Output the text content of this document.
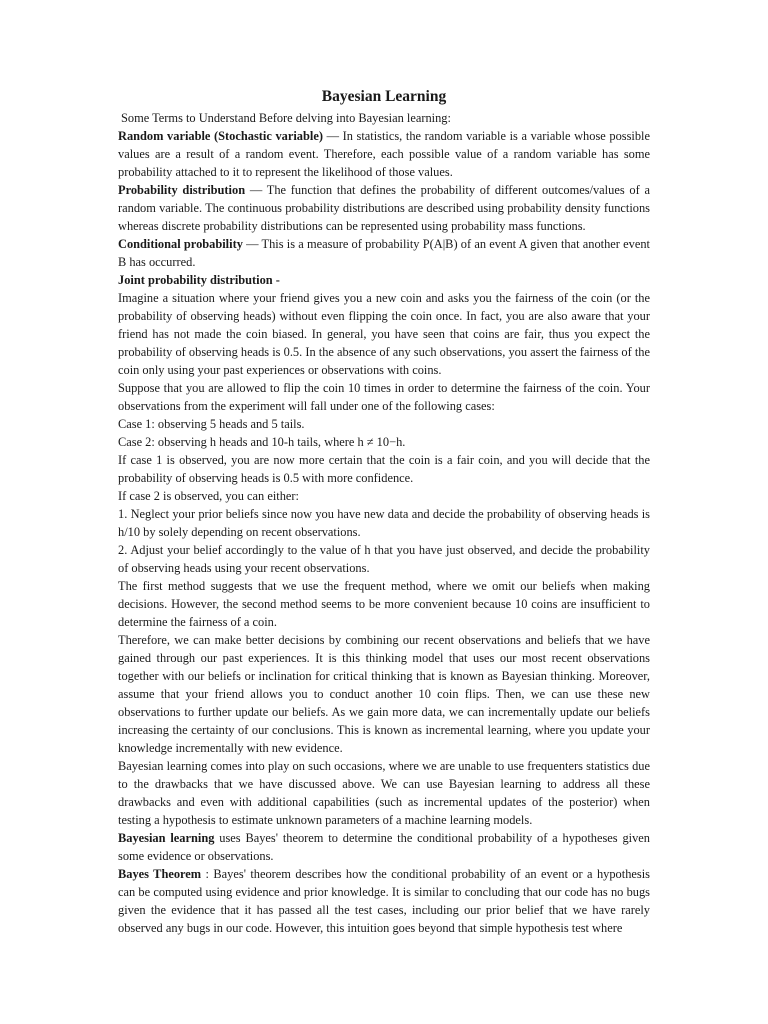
Bayesian Learning

Some Terms to Understand Before delving into Bayesian learning:

Random variable (Stochastic variable) — In statistics, the random variable is a variable whose possible values are a result of a random event. Therefore, each possible value of a random variable has some probability attached to it to represent the likelihood of those values.

Probability distribution — The function that defines the probability of different outcomes/values of a random variable. The continuous probability distributions are described using probability density functions whereas discrete probability distributions can be represented using probability mass functions.

Conditional probability — This is a measure of probability P(A|B) of an event A given that another event B has occurred.

Joint probability distribution -

Imagine a situation where your friend gives you a new coin and asks you the fairness of the coin (or the probability of observing heads) without even flipping the coin once. In fact, you are also aware that your friend has not made the coin biased. In general, you have seen that coins are fair, thus you expect the probability of observing heads is 0.5. In the absence of any such observations, you assert the fairness of the coin only using your past experiences or observations with coins.

Suppose that you are allowed to flip the coin 10 times in order to determine the fairness of the coin. Your observations from the experiment will fall under one of the following cases:

Case 1: observing 5 heads and 5 tails.

Case 2: observing h heads and 10-h tails, where h ≠ 10−h.

If case 1 is observed, you are now more certain that the coin is a fair coin, and you will decide that the probability of observing heads is 0.5 with more confidence.

If case 2 is observed, you can either:

1. Neglect your prior beliefs since now you have new data and decide the probability of observing heads is h/10 by solely depending on recent observations.

2. Adjust your belief accordingly to the value of h that you have just observed, and decide the probability of observing heads using your recent observations.

The first method suggests that we use the frequent method, where we omit our beliefs when making decisions. However, the second method seems to be more convenient because 10 coins are insufficient to determine the fairness of a coin.

Therefore, we can make better decisions by combining our recent observations and beliefs that we have gained through our past experiences. It is this thinking model that uses our most recent observations together with our beliefs or inclination for critical thinking that is known as Bayesian thinking. Moreover, assume that your friend allows you to conduct another 10 coin flips. Then, we can use these new observations to further update our beliefs. As we gain more data, we can incrementally update our beliefs increasing the certainty of our conclusions. This is known as incremental learning, where you update your knowledge incrementally with new evidence.

Bayesian learning comes into play on such occasions, where we are unable to use frequenters statistics due to the drawbacks that we have discussed above. We can use Bayesian learning to address all these drawbacks and even with additional capabilities (such as incremental updates of the posterior) when testing a hypothesis to estimate unknown parameters of a machine learning models.

Bayesian learning uses Bayes' theorem to determine the conditional probability of a hypotheses given some evidence or observations.

Bayes Theorem : Bayes' theorem describes how the conditional probability of an event or a hypothesis can be computed using evidence and prior knowledge. It is similar to concluding that our code has no bugs given the evidence that it has passed all the test cases, including our prior belief that we have rarely observed any bugs in our code. However, this intuition goes beyond that simple hypothesis test where
